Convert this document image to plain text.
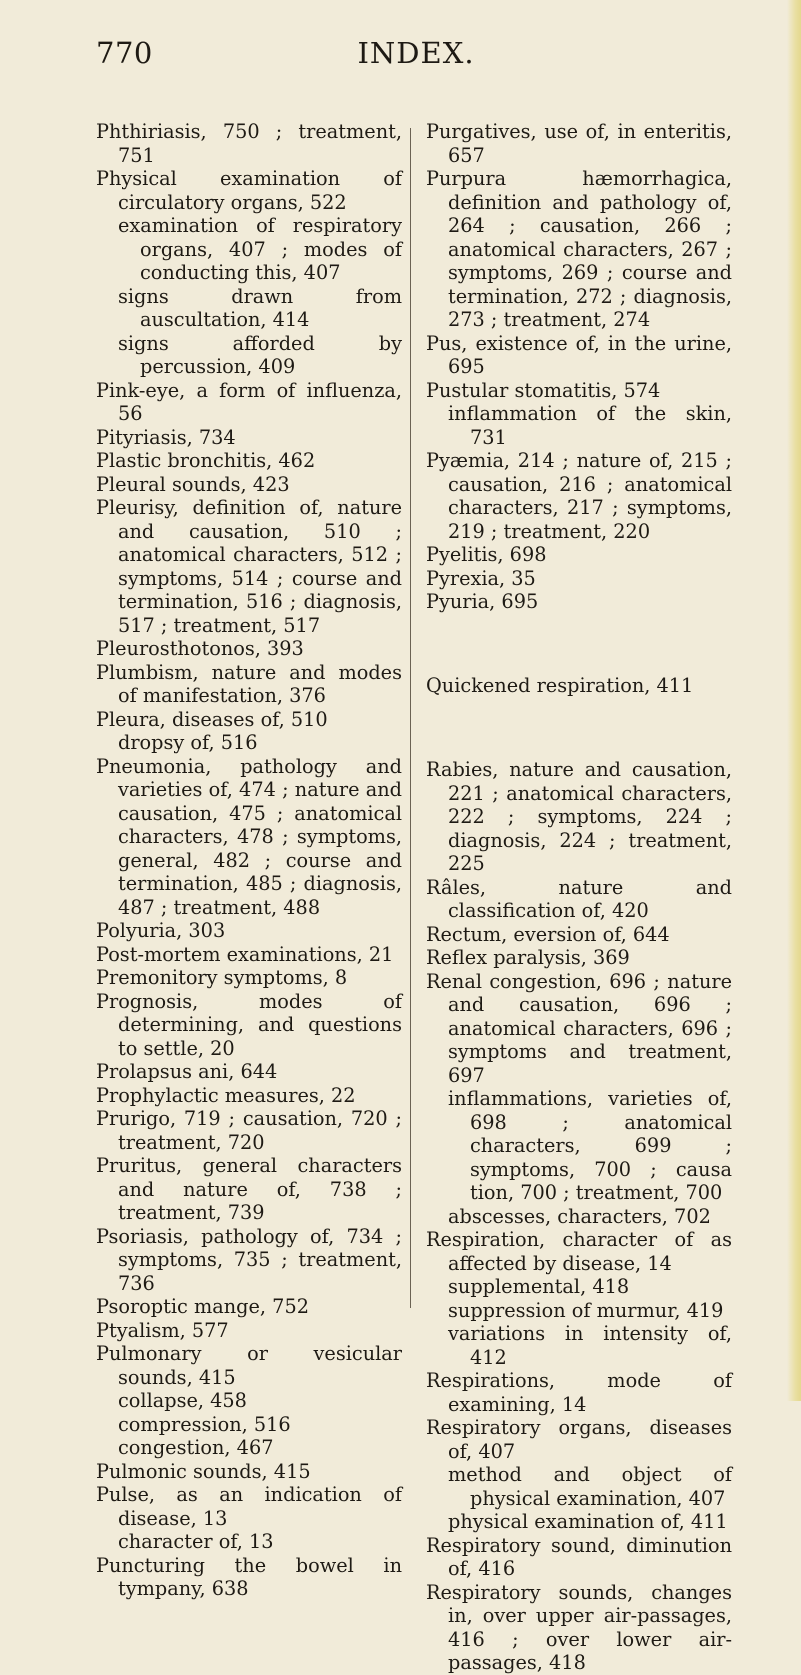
770	INDEX.

Phthiriasis, 750 ; treatment, 751

Physical examination of circulatory organs, 522

examination of respiratory organs, 407 ; modes of conducting this, 407

signs drawn from auscultation, 414

signs afforded by percussion, 409

Pink-eye, a form of influenza, 56

Pityriasis, 734

Plastic bronchitis, 462

Pleural sounds, 423

Pleurisy, definition of, nature and causation, 510 ; anatomical characters, 512 ; symptoms, 514 ; course and termination, 516 ; diagnosis, 517 ; treatment, 517

Pleurosthotonos, 393

Plumbism, nature and modes of manifestation, 376

Pleura, diseases of, 510

dropsy of, 516

Pneumonia, pathology and varieties of, 474 ; nature and causation, 475 ; anatomical characters, 478 ; symptoms, general, 482 ; course and termination, 485 ; diagnosis, 487 ; treatment, 488

Polyuria, 303

Post-mortem examinations, 21

Premonitory symptoms, 8

Prognosis, modes of determining, and questions to settle, 20

Prolapsus ani, 644

Prophylactic measures, 22

Prurigo, 719 ; causation, 720 ; treatment, 720

Pruritus, general characters and nature of, 738 ; treatment, 739

Psoriasis, pathology of, 734 ; symptoms, 735 ; treatment, 736

Psoroptic mange, 752

Ptyalism, 577

Pulmonary or vesicular sounds, 415

collapse, 458

compression, 516

congestion, 467

Pulmonic sounds, 415

Pulse, as an indication of disease, 13

character of, 13

Puncturing the bowel in tympany, 638

Purgatives, use of, in enteritis, 657

Purpura hæmorrhagica, definition and pathology of, 264 ; causation, 266 ; anatomical characters, 267 ; symptoms, 269 ; course and termination, 272 ; diagnosis, 273 ; treatment, 274

Pus, existence of, in the urine, 695

Pustular stomatitis, 574

inflammation of the skin, 731

Pyæmia, 214 ; nature of, 215 ; causation, 216 ; anatomical characters, 217 ; symptoms, 219 ; treatment, 220

Pyelitis, 698

Pyrexia, 35

Pyuria, 695

Quickened respiration, 411

Rabies, nature and causation, 221 ; anatomical characters, 222 ; symptoms, 224 ; diagnosis, 224 ; treatment, 225

Râles, nature and classification of, 420

Rectum, eversion of, 644

Reflex paralysis, 369

Renal congestion, 696 ; nature and causation, 696 ; anatomical characters, 696 ; symptoms and treatment, 697

inflammations, varieties of, 698 ; anatomical characters, 699 ; symptoms, 700 ; causa tion, 700 ; treatment, 700

abscesses, characters, 702

Respiration, character of as affected by disease, 14

supplemental, 418

suppression of murmur, 419

variations in intensity of, 412

Respirations, mode of examining, 14

Respiratory organs, diseases of, 407

method and object of physical examination, 407

physical examination of, 411

Respiratory sound, diminution of, 416

Respiratory sounds, changes in, over upper air-passages, 416 ; over lower air-passages, 418
